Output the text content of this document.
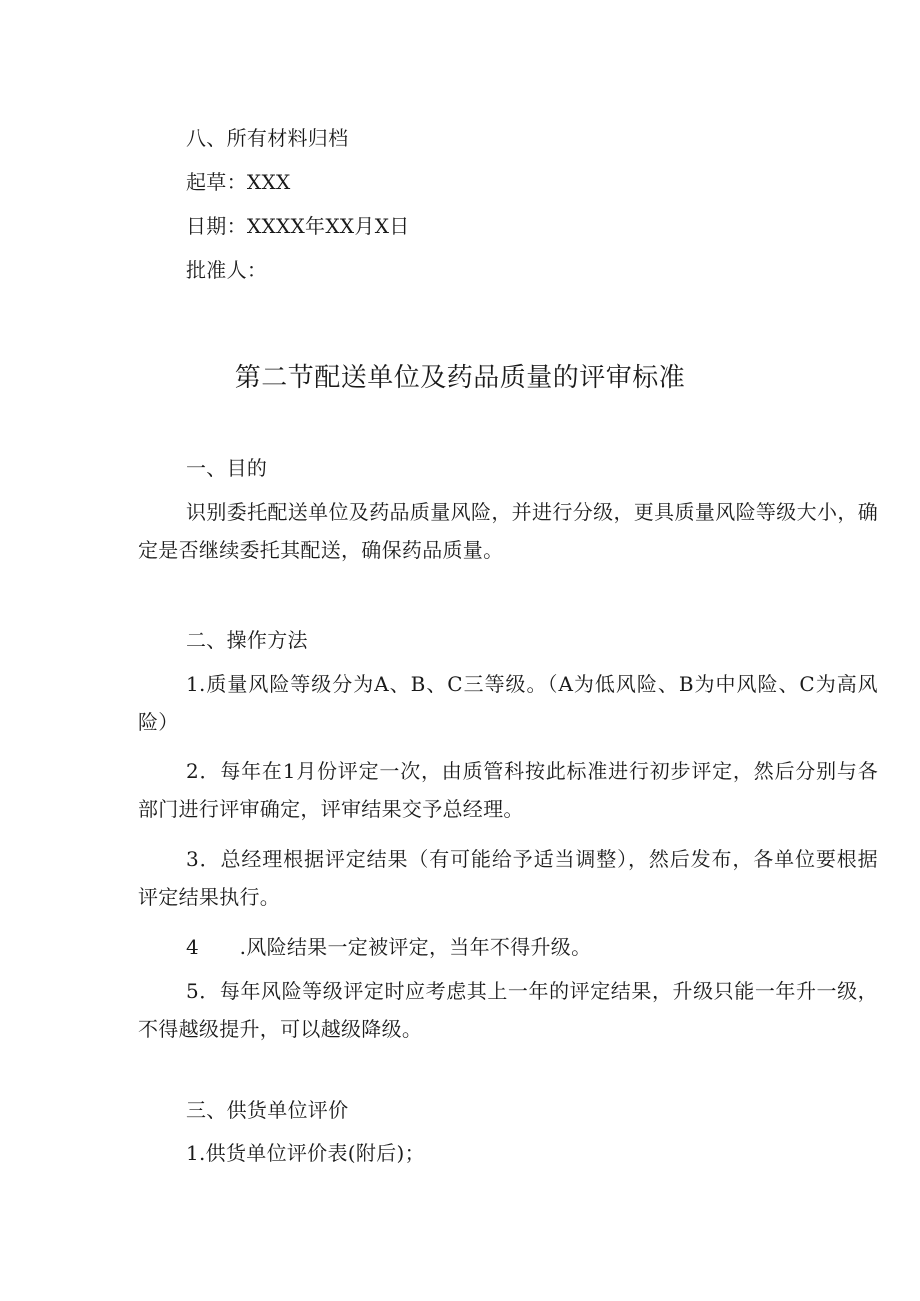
八、所有材料归档
起草：XXX
日期：XXXX年XX月X日
批准人：
第二节配送单位及药品质量的评审标准
一、目的
识别委托配送单位及药品质量风险，并进行分级，更具质量风险等级大小，确定是否继续委托其配送，确保药品质量。
二、操作方法
1.质量风险等级分为A、B、C三等级。（A为低风险、B为中风险、C为高风险）
2．每年在1月份评定一次，由质管科按此标准进行初步评定，然后分别与各部门进行评审确定，评审结果交予总经理。
3．总经理根据评定结果（有可能给予适当调整），然后发布，各单位要根据评定结果执行。
4　　.风险结果一定被评定，当年不得升级。
5．每年风险等级评定时应考虑其上一年的评定结果，升级只能一年升一级，不得越级提升，可以越级降级。
三、供货单位评价
1.供货单位评价表(附后)；
